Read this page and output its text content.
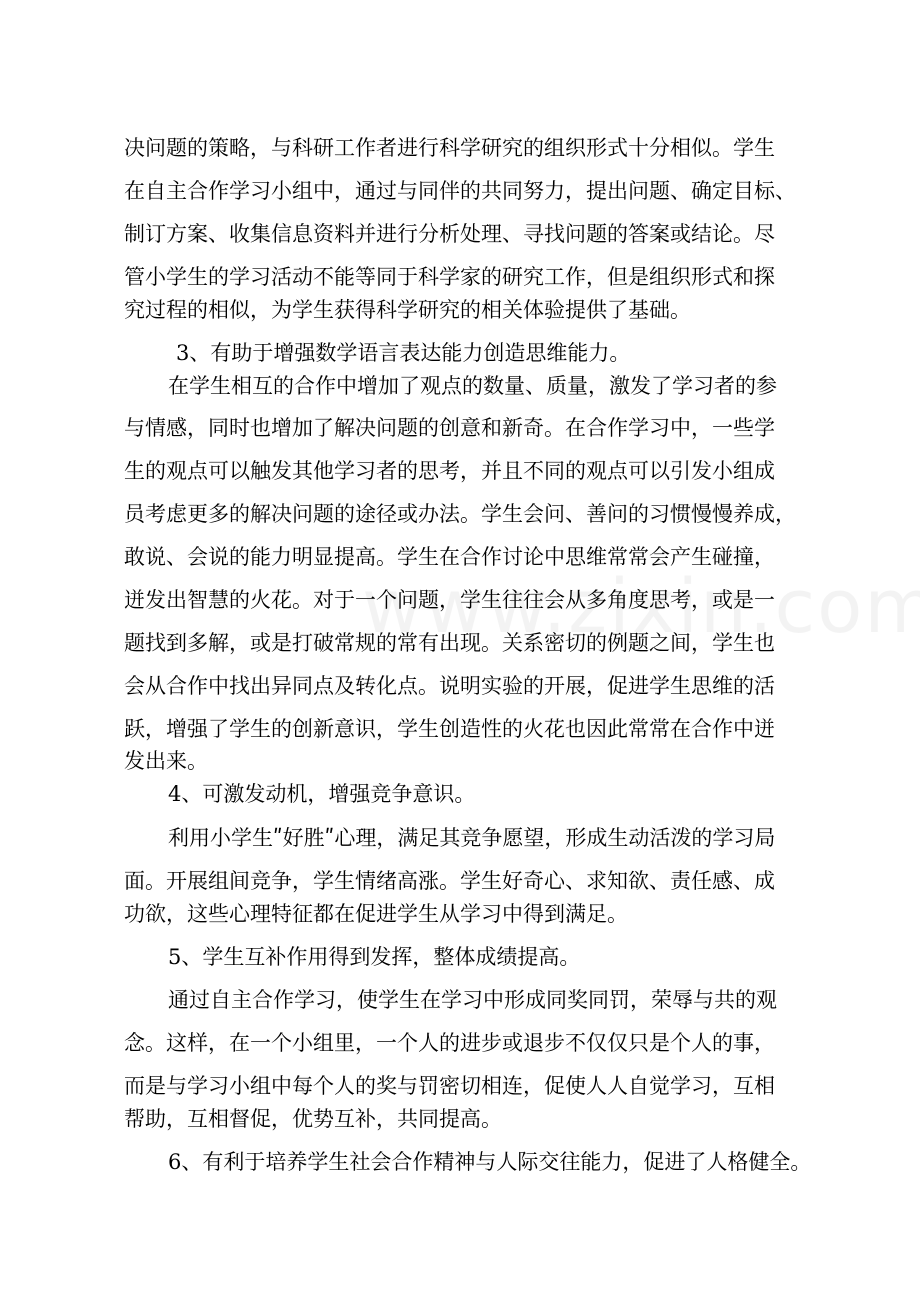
决问题的策略，与科研工作者进行科学研究的组织形式十分相似。学生
在自主合作学习小组中，通过与同伴的共同努力，提出问题、确定目标、
制订方案、收集信息资料并进行分析处理、寻找问题的答案或结论。尽
管小学生的学习活动不能等同于科学家的研究工作，但是组织形式和探
究过程的相似，为学生获得科学研究的相关体验提供了基础。
3、有助于增强数学语言表达能力创造思维能力。
在学生相互的合作中增加了观点的数量、质量，激发了学习者的参
与情感，同时也增加了解决问题的创意和新奇。在合作学习中，一些学
生的观点可以触发其他学习者的思考，并且不同的观点可以引发小组成
员考虑更多的解决问题的途径或办法。学生会问、善问的习惯慢慢养成，
敢说、会说的能力明显提高。学生在合作讨论中思维常常会产生碰撞，
迸发出智慧的火花。对于一个问题，学生往往会从多角度思考，或是一
题找到多解，或是打破常规的常有出现。关系密切的例题之间，学生也
会从合作中找出异同点及转化点。说明实验的开展，促进学生思维的活
跃，增强了学生的创新意识，学生创造性的火花也因此常常在合作中迸
发出来。
4、可激发动机，增强竞争意识。
利用小学生ʺ好胜ʺ心理，满足其竞争愿望，形成生动活泼的学习局
面。开展组间竞争，学生情绪高涨。学生好奇心、求知欲、责任感、成
功欲，这些心理特征都在促进学生从学习中得到满足。
5、学生互补作用得到发挥，整体成绩提高。
通过自主合作学习，使学生在学习中形成同奖同罚，荣辱与共的观
念。这样，在一个小组里，一个人的进步或退步不仅仅只是个人的事，
而是与学习小组中每个人的奖与罚密切相连，促使人人自觉学习，互相
帮助，互相督促，优势互补，共同提高。
6、有利于培养学生社会合作精神与人际交往能力，促进了人格健全。
